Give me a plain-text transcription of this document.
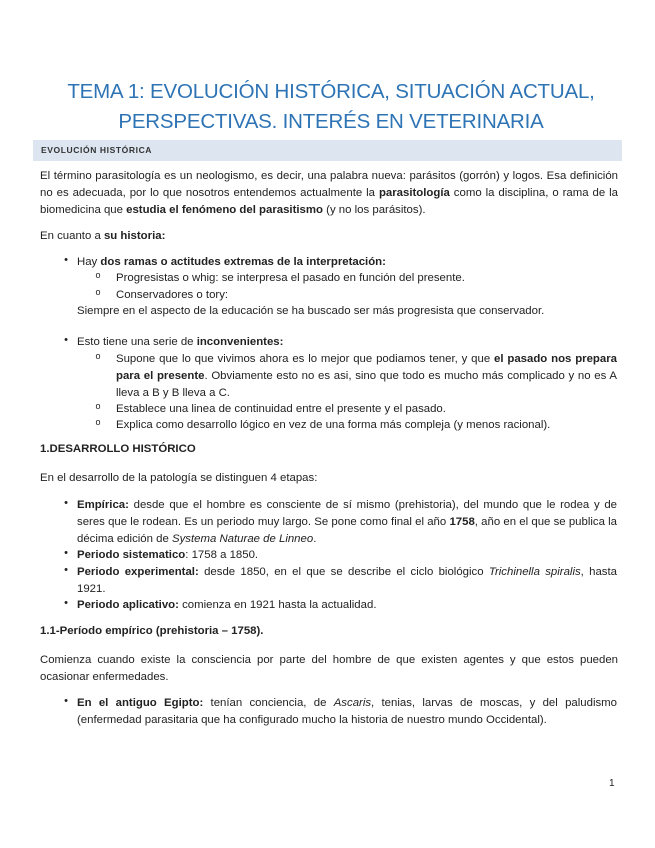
TEMA 1: EVOLUCIÓN HISTÓRICA, SITUACIÓN ACTUAL,
PERSPECTIVAS. INTERÉS EN VETERINARIA
EVOLUCIÓN HISTÓRICA
El término parasitología es un neologismo, es decir, una palabra nueva: parásitos (gorrón) y logos. Esa definición no es adecuada, por lo que nosotros entendemos actualmente la parasitología como la disciplina, o rama de la biomedicina que estudia el fenómeno del parasitismo (y no los parásitos).
En cuanto a su historia:
• Hay dos ramas o actitudes extremas de la interpretación:
o Progresistas o whig: se interpresa el pasado en función del presente.
o Conservadores o tory:
Siempre en el aspecto de la educación se ha buscado ser más progresista que conservador.
• Esto tiene una serie de inconvenientes:
o Supone que lo que vivimos ahora es lo mejor que podiamos tener, y que el pasado nos prepara para el presente. Obviamente esto no es asi, sino que todo es mucho más complicado y no es A lleva a B y B lleva a C.
o Establece una linea de continuidad entre el presente y el pasado.
o Explica como desarrollo lógico en vez de una forma más compleja (y menos racional).
1.DESARROLLO HISTÓRICO
En el desarrollo de la patología se distinguen 4 etapas:
• Empírica: desde que el hombre es consciente de sí mismo (prehistoria), del mundo que le rodea y de seres que le rodean. Es un periodo muy largo. Se pone como final el año 1758, año en el que se publica la décima edición de Systema Naturae de Linneo.
• Periodo sistematico: 1758 a 1850.
• Periodo experimental: desde 1850, en el que se describe el ciclo biológico Trichinella spiralis, hasta 1921.
• Periodo aplicativo: comienza en 1921 hasta la actualidad.
1.1-Período empírico (prehistoria – 1758).
Comienza cuando existe la consciencia por parte del hombre de que existen agentes y que estos pueden ocasionar enfermedades.
• En el antiguo Egipto: tenían conciencia, de Ascaris, tenias, larvas de moscas, y del paludismo (enfermedad parasitaria que ha configurado mucho la historia de nuestro mundo Occidental).
1
